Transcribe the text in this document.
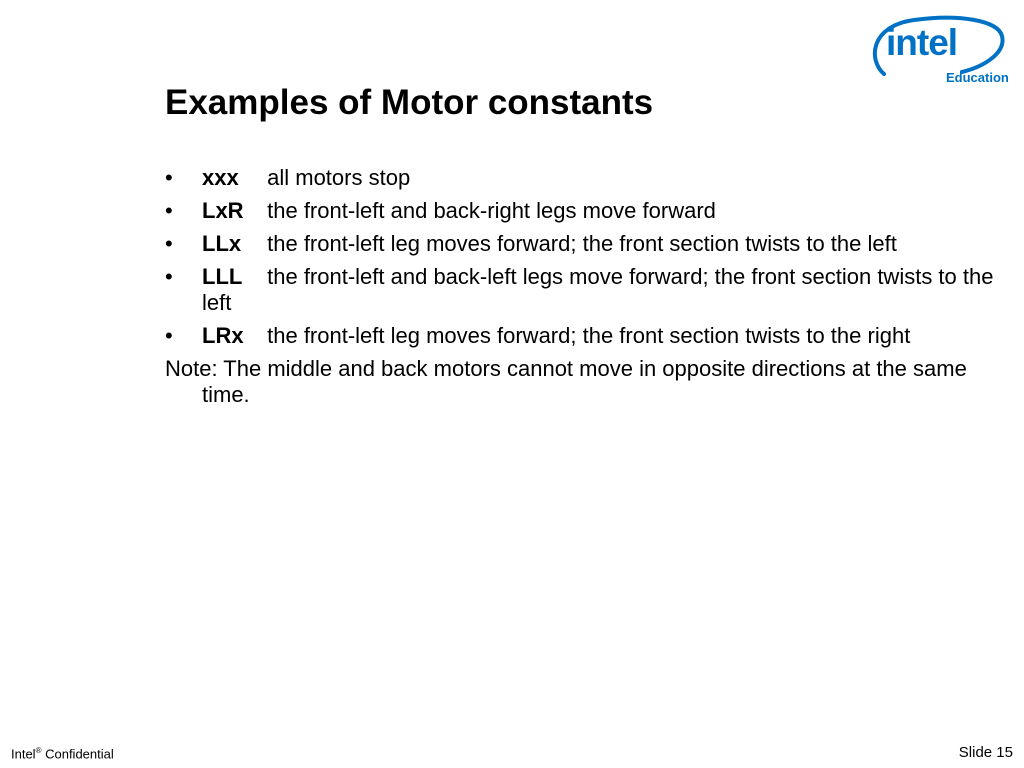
intel
Education
Examples of Motor constants
• xxx all motors stop
• LxR the front-left and back-right legs move forward
• LLx the front-left leg moves forward; the front section twists to the left
• LLL the front-left and back-left legs move forward; the front section twists to the left
• LRx the front-left leg moves forward; the front section twists to the right
Note: The middle and back motors cannot move in opposite directions at the same time.
Intel® Confidential	Slide 15
